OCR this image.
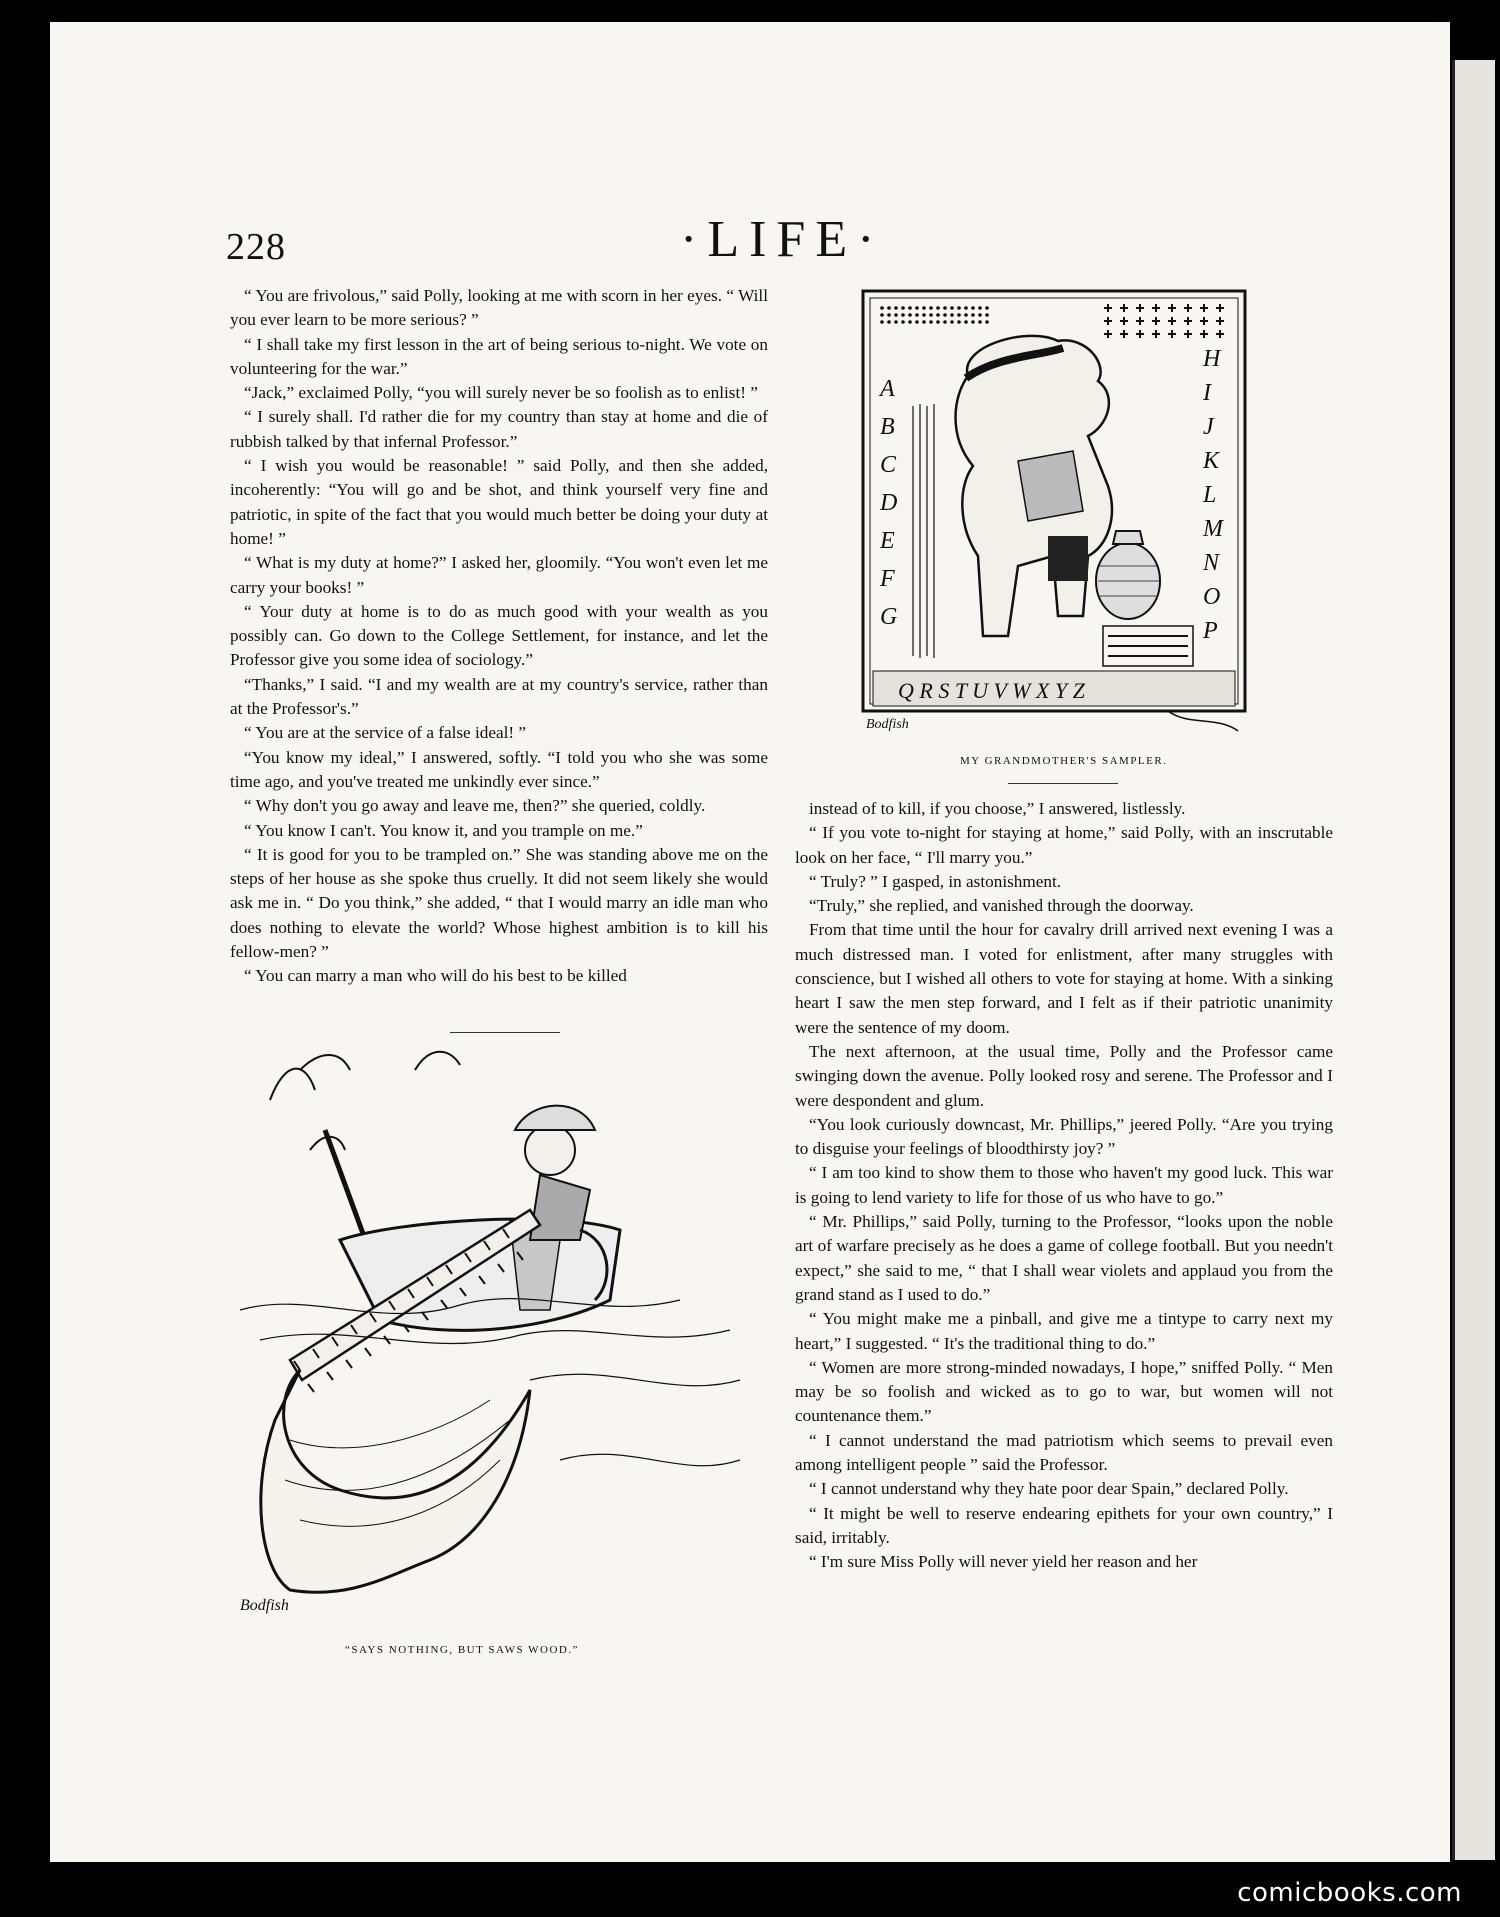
228	·LIFE·

“ You are frivolous,” said Polly, looking at me with scorn in her eyes. “ Will you ever learn to be more serious? ”

“ I shall take my first lesson in the art of being serious to-night. We vote on volunteering for the war.”

“Jack,” exclaimed Polly, “you will surely never be so foolish as to enlist! ”

“ I surely shall. I'd rather die for my country than stay at home and die of rubbish talked by that infernal Professor.”

“ I wish you would be reasonable! ” said Polly, and then she added, incoherently: “You will go and be shot, and think yourself very fine and patriotic, in spite of the fact that you would much better be doing your duty at home! ”

“ What is my duty at home?” I asked her, gloomily. “You won't even let me carry your books! ”

“ Your duty at home is to do as much good with your wealth as you possibly can. Go down to the College Settlement, for instance, and let the Professor give you some idea of sociology.”

“Thanks,” I said. “I and my wealth are at my country's service, rather than at the Professor's.”

“ You are at the service of a false ideal! ”

“You know my ideal,” I answered, softly. “I told you who she was some time ago, and you've treated me unkindly ever since.”

“ Why don't you go away and leave me, then?” she queried, coldly.

“ You know I can't. You know it, and you trample on me.”

“ It is good for you to be trampled on.” She was standing above me on the steps of her house as she spoke thus cruelly. It did not seem likely she would ask me in. “ Do you think,” she added, “ that I would marry an idle man who does nothing to elevate the world? Whose highest ambition is to kill his fellow-men? ”

“ You can marry a man who will do his best to be killed

A
B
C
D
E
F
G
H
I
J
K
L
M
N
O
P
Q R S T U V W X Y Z
Bodfish
MY GRANDMOTHER'S SAMPLER.

instead of to kill, if you choose,” I answered, listlessly.

“ If you vote to-night for staying at home,” said Polly, with an inscrutable look on her face, “ I'll marry you.”

“ Truly? ” I gasped, in astonishment.

“Truly,” she replied, and vanished through the doorway.

From that time until the hour for cavalry drill arrived next evening I was a much distressed man. I voted for enlistment, after many struggles with conscience, but I wished all others to vote for staying at home. With a sinking heart I saw the men step forward, and I felt as if their patriotic unanimity were the sentence of my doom.

The next afternoon, at the usual time, Polly and the Professor came swinging down the avenue. Polly looked rosy and serene. The Professor and I were despondent and glum.

“You look curiously downcast, Mr. Phillips,” jeered Polly. “Are you trying to disguise your feelings of bloodthirsty joy? ”

“ I am too kind to show them to those who haven't my good luck. This war is going to lend variety to life for those of us who have to go.”

“ Mr. Phillips,” said Polly, turning to the Professor, “looks upon the noble art of warfare precisely as he does a game of college football. But you needn't expect,” she said to me, “ that I shall wear violets and applaud you from the grand stand as I used to do.”

“ You might make me a pinball, and give me a tintype to carry next my heart,” I suggested. “ It's the traditional thing to do.”

“ Women are more strong-minded nowadays, I hope,” sniffed Polly. “ Men may be so foolish and wicked as to go to war, but women will not countenance them.”

“ I cannot understand the mad patriotism which seems to prevail even among intelligent people ” said the Professor.

“ I cannot understand why they hate poor dear Spain,” declared Polly.

“ It might be well to reserve endearing epithets for your own country,” I said, irritably.

“ I'm sure Miss Polly will never yield her reason and her

Bodfish
“SAYS NOTHING, BUT SAWS WOOD.”
comicbooks.com
